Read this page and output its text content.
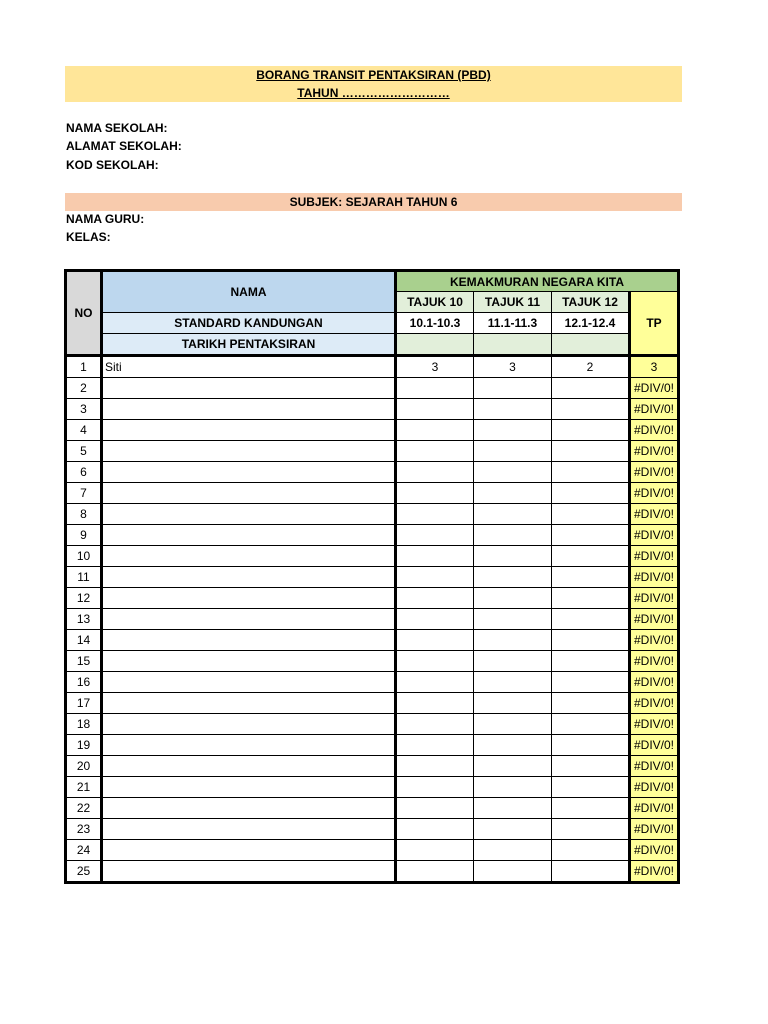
BORANG TRANSIT PENTAKSIRAN (PBD)
TAHUN ………………………
NAMA SEKOLAH:
ALAMAT SEKOLAH:
KOD SEKOLAH:
SUBJEK: SEJARAH TAHUN 6
NAMA GURU:
KELAS:
NO	NAMA	KEMAKMURAN NEGARA KITA			
		TAJUK 10	TAJUK 11	TAJUK 12	TP
	STANDARD KANDUNGAN	10.1-10.3	11.1-11.3	12.1-12.4	
	TARIKH PENTAKSIRAN				
1	Siti	3	3	2	3
2					#DIV/0!
3					#DIV/0!
4					#DIV/0!
5					#DIV/0!
6					#DIV/0!
7					#DIV/0!
8					#DIV/0!
9					#DIV/0!
10					#DIV/0!
11					#DIV/0!
12					#DIV/0!
13					#DIV/0!
14					#DIV/0!
15					#DIV/0!
16					#DIV/0!
17					#DIV/0!
18					#DIV/0!
19					#DIV/0!
20					#DIV/0!
21					#DIV/0!
22					#DIV/0!
23					#DIV/0!
24					#DIV/0!
25					#DIV/0!
